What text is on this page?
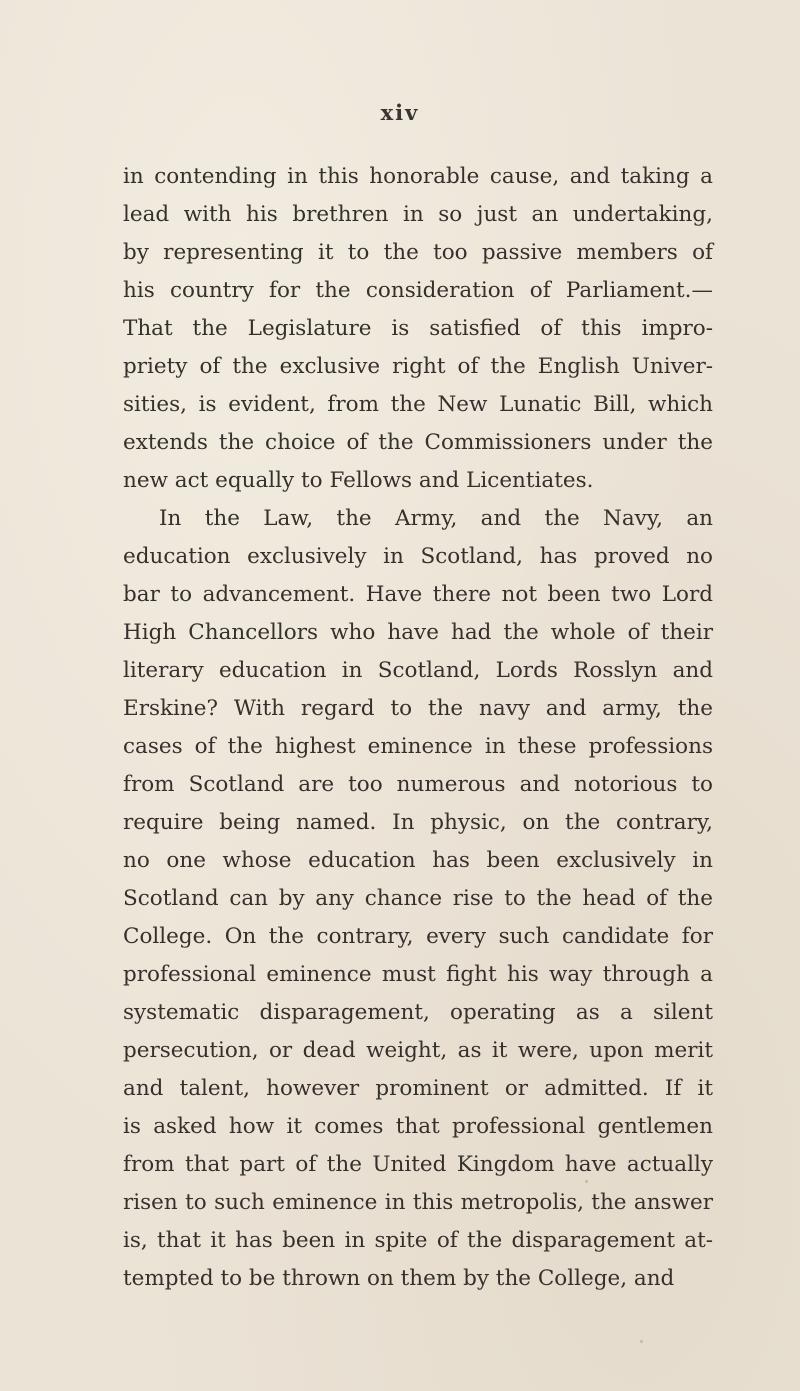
xiv
in contending in this honorable cause, and taking a
lead with his brethren in so just an undertaking,
by representing it to the too passive members of
his country for the consideration of Parliament.—
That the Legislature is satisfied of this impro-
priety of the exclusive right of the English Univer-
sities, is evident, from the New Lunatic Bill, which
extends the choice of the Commissioners under the
new act equally to Fellows and Licentiates.
In the Law, the Army, and the Navy, an
education exclusively in Scotland, has proved no
bar to advancement. Have there not been two Lord
High Chancellors who have had the whole of their
literary education in Scotland, Lords Rosslyn and
Erskine? With regard to the navy and army, the
cases of the highest eminence in these professions
from Scotland are too numerous and notorious to
require being named. In physic, on the contrary,
no one whose education has been exclusively in
Scotland can by any chance rise to the head of the
College. On the contrary, every such candidate for
professional eminence must fight his way through a
systematic disparagement, operating as a silent
persecution, or dead weight, as it were, upon merit
and talent, however prominent or admitted. If it
is asked how it comes that professional gentlemen
from that part of the United Kingdom have actually
risen to such eminence in this metropolis, the answer
is, that it has been in spite of the disparagement at-
tempted to be thrown on them by the College, and
